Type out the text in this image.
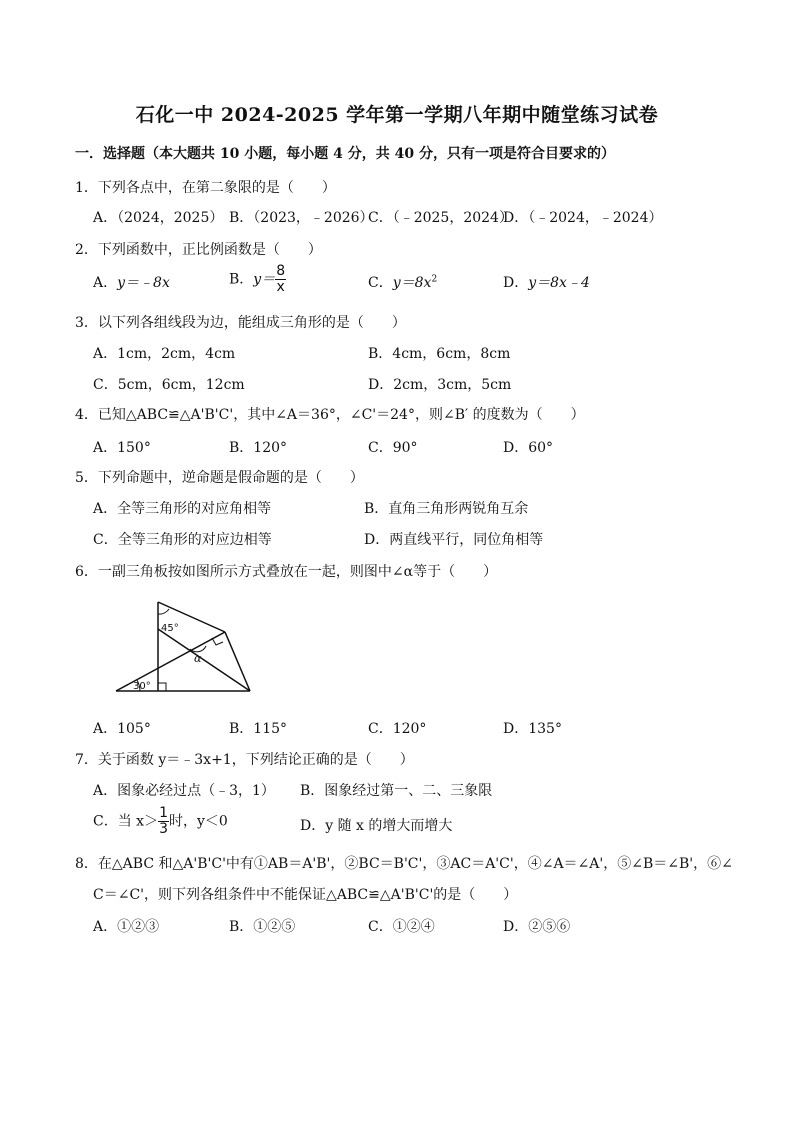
石化一中 2024-2025 学年第一学期八年期中随堂练习试卷
一．选择题（本大题共 10 小题，每小题 4 分，共 40 分，只有一项是符合目要求的）
1．下列各点中，在第二象限的是（　　）
A．（2024，2025） B．（2023，﹣2026）
C．（﹣2025，2024）
D．（﹣2024，﹣2024）
2．下列函数中，正比例函数是（　　）
A．y＝﹣8x	B．$y= \frac{8}{x}$	C．$y=8x^2$	D．y＝8x﹣4
3．以下列各组线段为边，能组成三角形的是（　　）
A．1cm，2cm，4cm	B．4cm，6cm，8cm
C．5cm，6cm，12cm	D．2cm，3cm，5cm
4．已知△ABC≌△A'B'C'，其中∠A＝36°，∠C'＝24°，则∠B′ 的度数为（　　）
A．150°	B．120°	C．90°	D．60°
5．下列命题中，逆命题是假命题的是（　　）
A．全等三角形的对应角相等	B．直角三角形两锐角互余
C．全等三角形的对应边相等	D．两直线平行，同位角相等
6．一副三角板按如图所示方式叠放在一起，则图中∠α等于（　　）
45°
30°
α
A．105°	B．115°	C．120°	D．135°
7．关于函数 y＝﹣3x+1，下列结论正确的是（　　）
A．图象必经过点（﹣3，1） B．图象经过第一、二、三象限
C．当 $x> \frac{1}{3}$ 时，y＜0	D．y 随 x 的增大而增大
8．在△ABC 和△A'B'C'中有①AB＝A'B'，②BC＝B'C'，③AC＝A'C'，④∠A＝∠A'，⑤∠B＝∠B'，⑥∠
C＝∠C'，则下列各组条件中不能保证△ABC≌△A'B'C'的是（　　）
A．①②③	B．①②⑤	C．①②④	D．②⑤⑥
